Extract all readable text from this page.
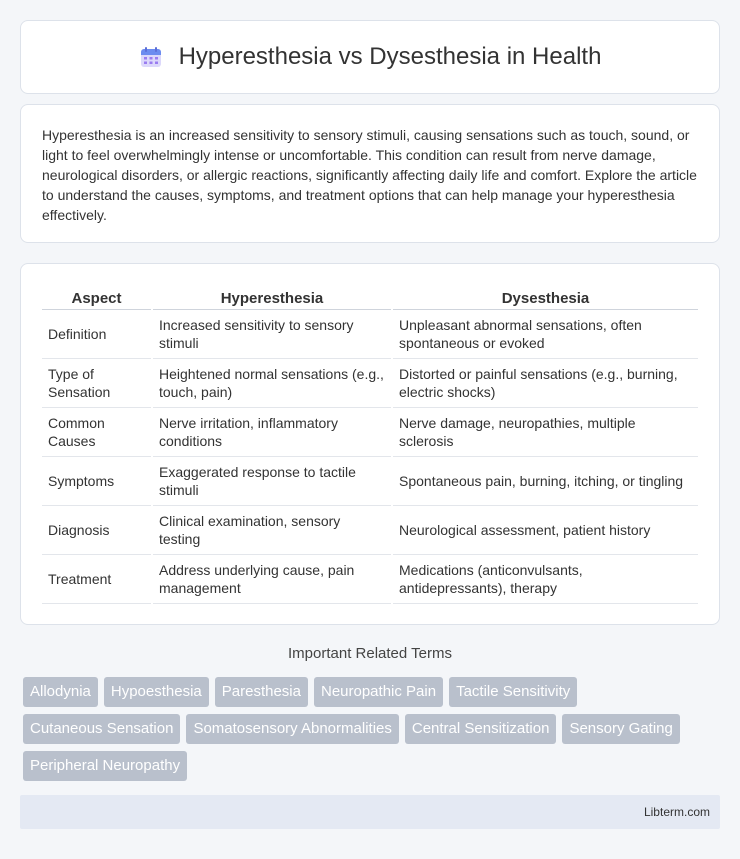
Hyperesthesia vs Dysesthesia in Health

Hyperesthesia is an increased sensitivity to sensory stimuli, causing sensations such as touch, sound, or light to feel overwhelmingly intense or uncomfortable. This condition can result from nerve damage, neurological disorders, or allergic reactions, significantly affecting daily life and comfort. Explore the article to understand the causes, symptoms, and treatment options that can help manage your hyperesthesia effectively.

Aspect	Hyperesthesia	Dysesthesia
Definition	Increased sensitivity to sensory stimuli	Unpleasant abnormal sensations, often spontaneous or evoked
Type of Sensation	Heightened normal sensations (e.g., touch, pain)	Distorted or painful sensations (e.g., burning, electric shocks)
Common Causes	Nerve irritation, inflammatory conditions	Nerve damage, neuropathies, multiple sclerosis
Symptoms	Exaggerated response to tactile stimuli	Spontaneous pain, burning, itching, or tingling
Diagnosis	Clinical examination, sensory testing	Neurological assessment, patient history
Treatment	Address underlying cause, pain management	Medications (anticonvulsants, antidepressants), therapy
Important Related Terms
Allodynia	Hypoesthesia	Paresthesia	Neuropathic Pain	Tactile Sensitivity
Cutaneous Sensation	Somatosensory Abnormalities	Central Sensitization	Sensory Gating
Peripheral Neuropathy
Libterm.com
